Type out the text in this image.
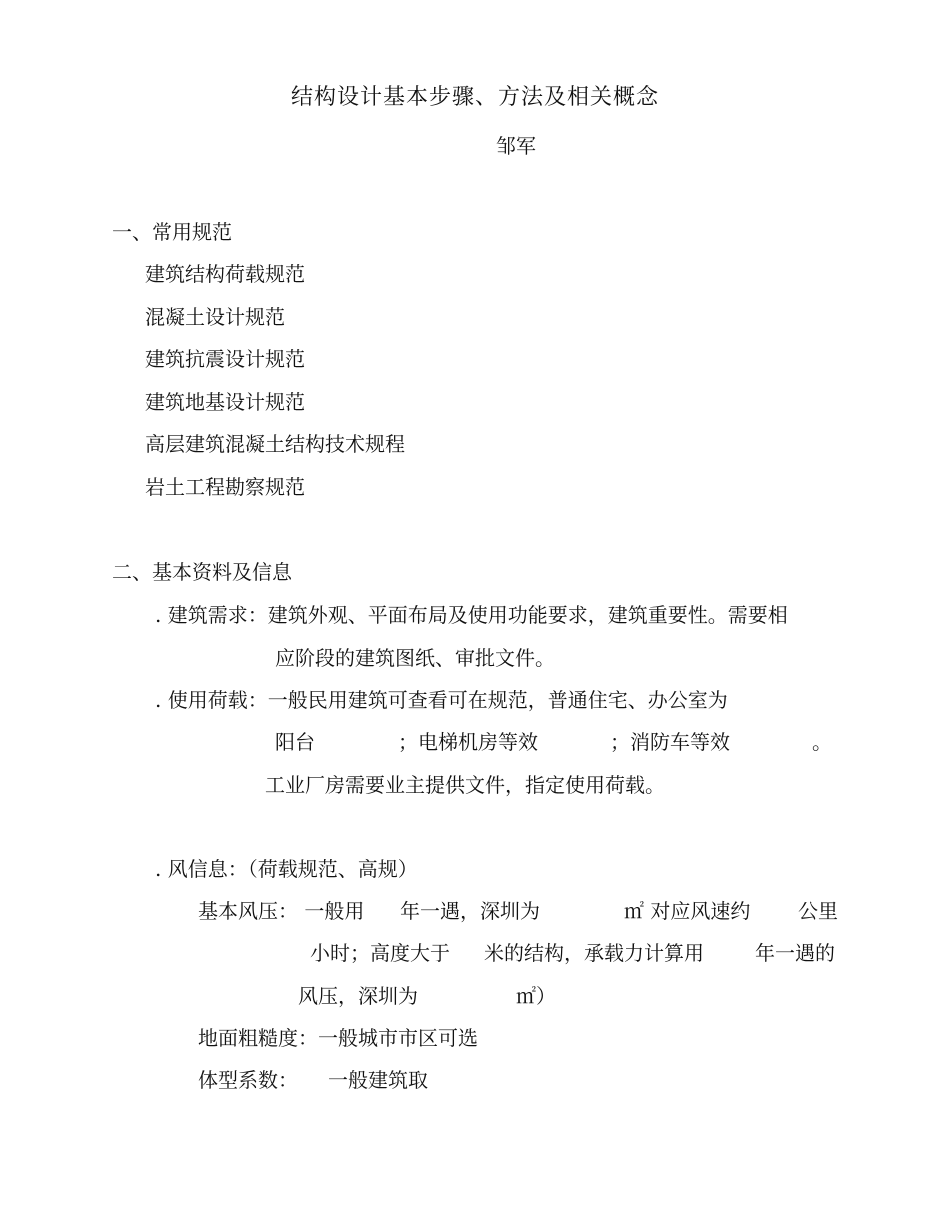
结构设计基本步骤、方法及相关概念

邹军

一、常用规范

建筑结构荷载规范

混凝土设计规范

建筑抗震设计规范

建筑地基设计规范

高层建筑混凝土结构技术规程

岩土工程勘察规范

二、基本资料及信息

. 建筑需求：建筑外观、平面布局及使用功能要求，建筑重要性。需要相

应阶段的建筑图纸、审批文件。

. 使用荷载：一般民用建筑可查看可在规范，普通住宅、办公室为

阳台	；电梯机房等效	；消防车等效	。

工业厂房需要业主提供文件，指定使用荷载。

. 风信息：（荷载规范、高规）

基本风压： 一般用 年一遇，深圳为	㎡ 对应风速约 公里

小时；高度大于 米的结构，承载力计算用	年一遇的

风压，深圳为	㎡）

地面粗糙度：一般城市市区可选

体型系数： 一般建筑取
